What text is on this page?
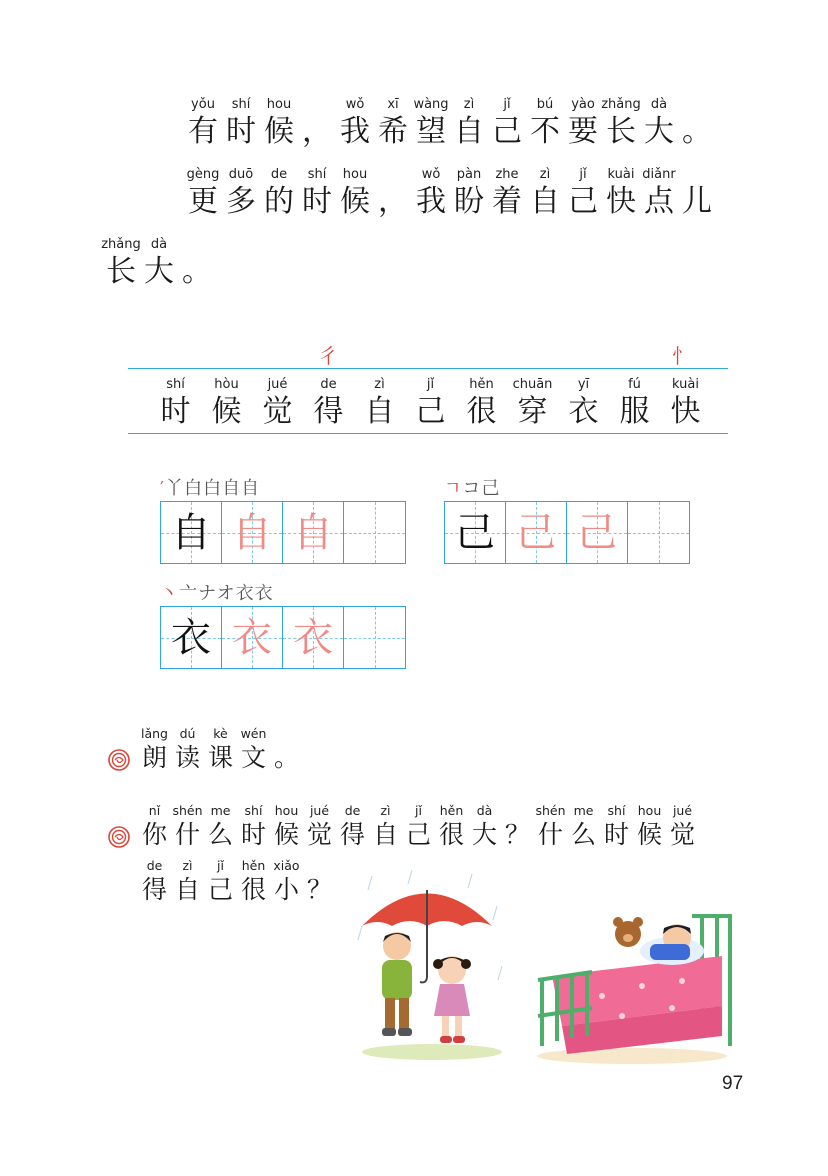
yǒu
有
shí
时
hou
候 ，
wǒ
我
xī
希
wàng
望
zì
自
jǐ
己
bú
不
yào
要
zhǎng
长
dà
大 。
gèng
更
duō
多
de
的
shí
时
hou
候 ，
wǒ
我
pàn
盼
zhe
着
zì
自
jǐ
己
kuài
快
diǎnr
点 儿
zhǎng
长
dà
大 。
彳	忄
shí
时
hòu
候
jué
觉
de
得
zì
自
jǐ
己
hěn
很
chuān
穿
yī
衣
fú
服
kuài
快
′丫白白自自
自 自 自
ㄱコ己
己 己 己
丶亠ナオ衣衣
衣 衣 衣
lǎng
朗
dú
读
kè
课
wén
文 。
nǐ
你
shén
什
me
么
shí
时
hou
候
jué
觉
de
得
zì
自
jǐ
己
hěn
很
dà
大 ？
shén
什
me
么
shí
时
hou
候
jué
觉
de
得
zì
自
jǐ
己
hěn
很
xiǎo
小 ？
97
